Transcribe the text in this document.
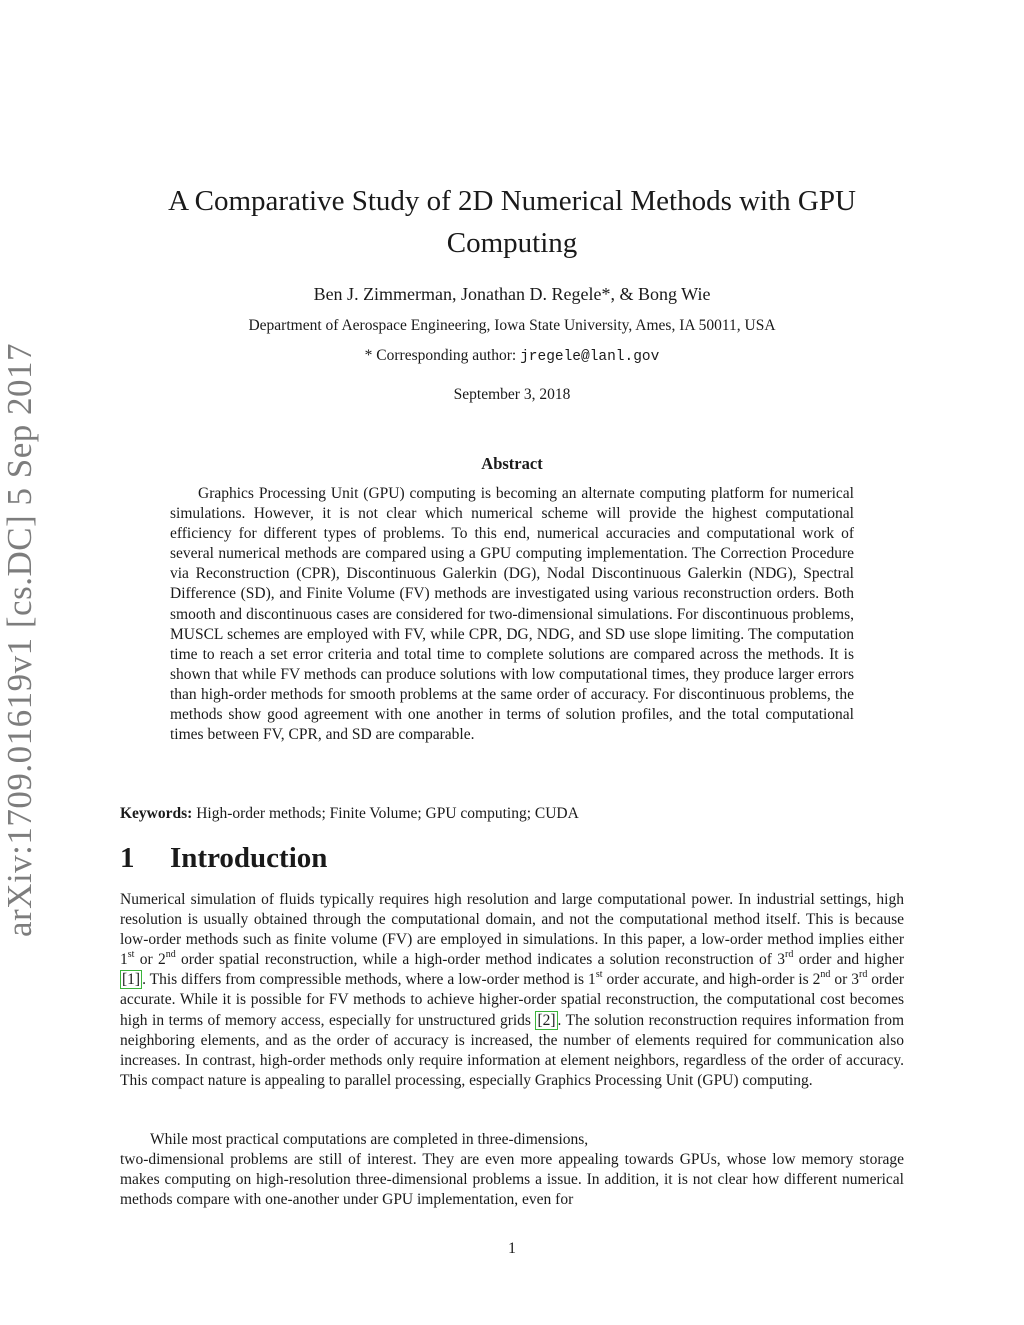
arXiv:1709.01619v1 [cs.DC] 5 Sep 2017
A Comparative Study of 2D Numerical Methods with GPU
Computing
Ben J. Zimmerman, Jonathan D. Regele*, & Bong Wie
Department of Aerospace Engineering, Iowa State University, Ames, IA 50011, USA
* Corresponding author: jregele@lanl.gov
September 3, 2018
Abstract

Graphics Processing Unit (GPU) computing is becoming an alternate computing platform for numerical simulations. However, it is not clear which numerical scheme will provide the highest computational efficiency for different types of problems. To this end, numerical accuracies and computational work of several numerical methods are compared using a GPU computing implementation. The Correction Procedure via Reconstruction (CPR), Discontinuous Galerkin (DG), Nodal Discontinuous Galerkin (NDG), Spectral Difference (SD), and Finite Volume (FV) methods are investigated using various reconstruction orders. Both smooth and discontinuous cases are considered for two-dimensional simulations. For discontinuous problems, MUSCL schemes are employed with FV, while CPR, DG, NDG, and SD use slope limiting. The computation time to reach a set error criteria and total time to complete solutions are compared across the methods. It is shown that while FV methods can produce solutions with low computational times, they produce larger errors than high-order methods for smooth problems at the same order of accuracy. For discontinuous problems, the methods show good agreement with one another in terms of solution profiles, and the total computational times between FV, CPR, and SD are comparable.

Keywords: High-order methods; Finite Volume; GPU computing; CUDA
1 Introduction

Numerical simulation of fluids typically requires high resolution and large computational power. In industrial settings, high resolution is usually obtained through the computational domain, and not the computational method itself. This is because low-order methods such as finite volume (FV) are employed in simulations. In this paper, a low-order method implies either 1st or 2nd order spatial reconstruction, while a high-order method indicates a solution reconstruction of 3rd order and higher [1] . This differs from compressible methods, where a low-order method is 1st order accurate, and high-order is 2nd or 3rd order accurate. While it is possible for FV methods to achieve higher-order spatial reconstruction, the computational cost becomes high in terms of memory access, especially for unstructured grids [2] . The solution reconstruction requires information from neighboring elements, and as the order of accuracy is increased, the number of elements required for communication also increases. In contrast, high-order methods only require information at element neighbors, regardless of the order of accuracy. This compact nature is appealing to parallel processing, especially Graphics Processing Unit (GPU) computing.

While most practical computations are completed in three-dimensions,

two-dimensional problems are still of interest. They are even more appealing towards GPUs, whose low memory storage makes computing on high-resolution three-dimensional problems a issue. In addition, it is not clear how different numerical methods compare with one-another under GPU implementation, even for

1
